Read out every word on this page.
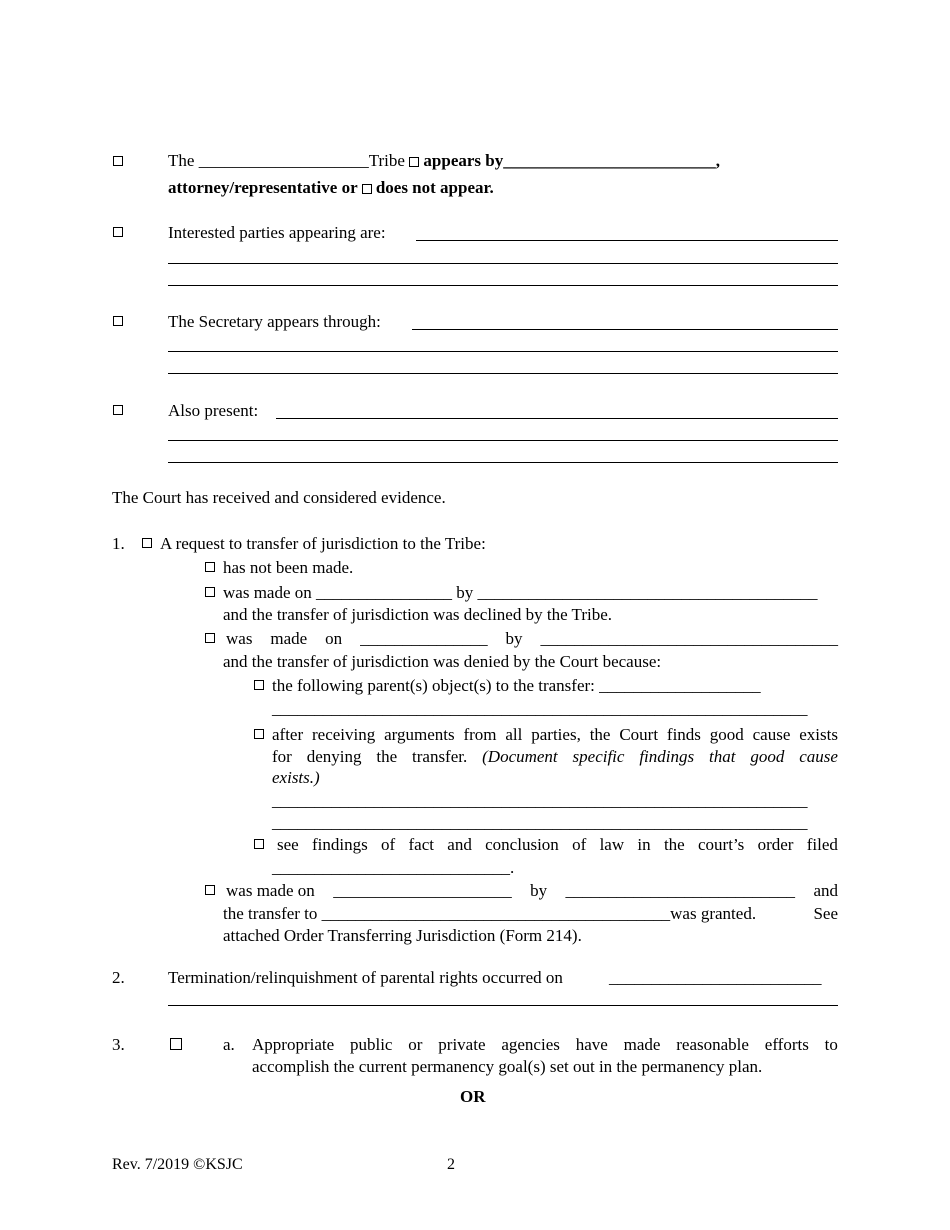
The ____________________Tribe appears by_________________________,
attorney/representative or does not appear.
Interested parties appearing are:
The Secretary appears through:
Also present:
The Court has received and considered evidence.
1. A request to transfer of jurisdiction to the Tribe:
has not been made.
was made on ________________ by ________________________________________
and the transfer of jurisdiction was declined by the Tribe.
was made on _______________ by ___________________________________
and the transfer of jurisdiction was denied by the Court because:
the following parent(s) object(s) to the transfer: ___________________
_______________________________________________________________
after receiving arguments from all parties, the Court finds good cause exists
for denying the transfer. (Document specific findings that good cause
exists.)
_______________________________________________________________
_______________________________________________________________
see findings of fact and conclusion of law in the court’s order filed
____________________________.
was made on _____________________ by ___________________________ and
the transfer to _________________________________________was granted.	See
attached Order Transferring Jurisdiction (Form 214).
2.	Termination/relinquishment of parental rights occurred on	_________________________
3.	a. Appropriate public or private agencies have made reasonable efforts to
accomplish the current permanency goal(s) set out in the permanency plan.
OR
Rev. 7/2019 ©KSJC	2
